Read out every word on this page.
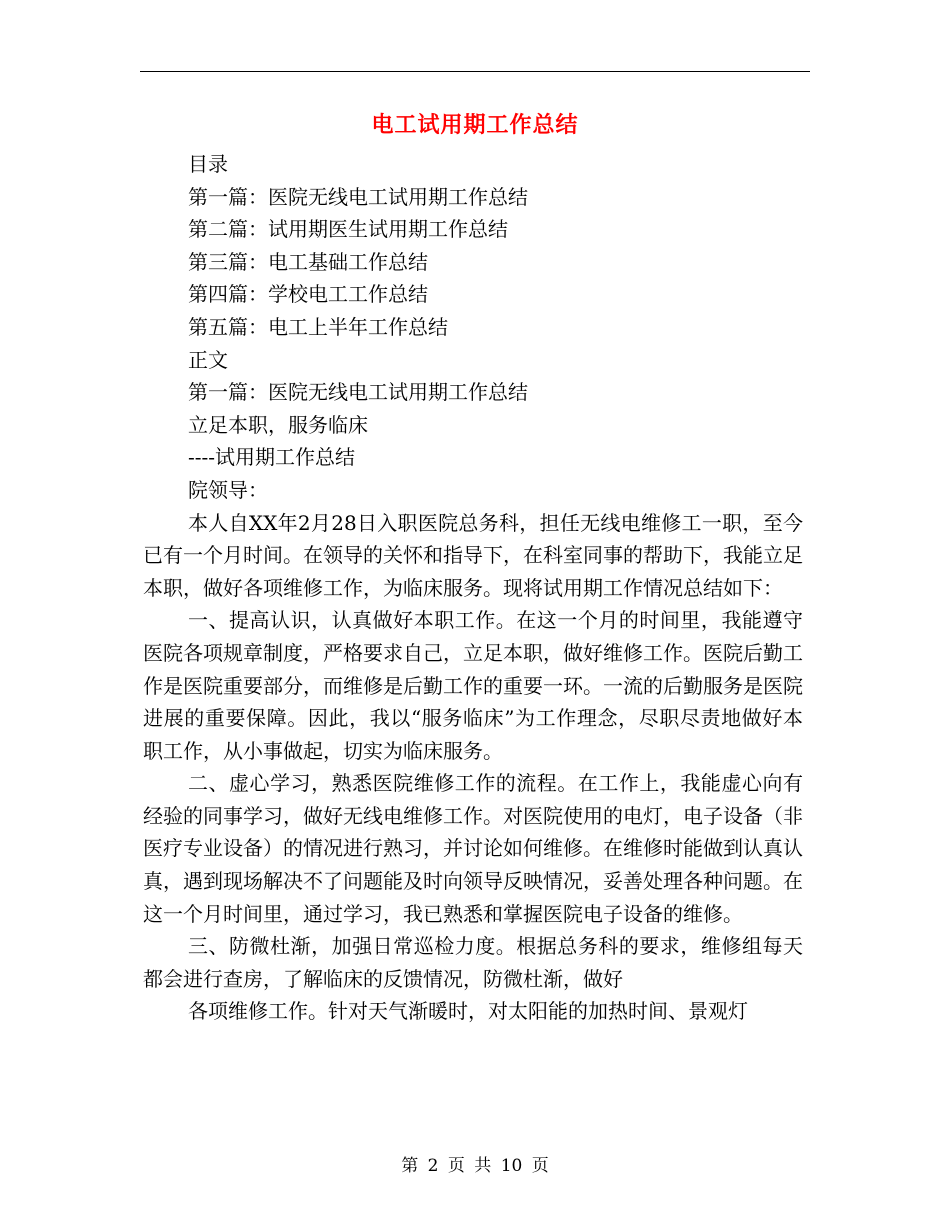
电工试用期工作总结

目录

第一篇：医院无线电工试用期工作总结

第二篇：试用期医生试用期工作总结

第三篇：电工基础工作总结

第四篇：学校电工工作总结

第五篇：电工上半年工作总结

正文

第一篇：医院无线电工试用期工作总结

立足本职，服务临床

----试用期工作总结

院领导：

本人自XX年2月28日入职医院总务科，担任无线电维修工一职，至今已有一个月时间。在领导的关怀和指导下，在科室同事的帮助下，我能立足本职，做好各项维修工作，为临床服务。现将试用期工作情况总结如下：

一、提高认识，认真做好本职工作。在这一个月的时间里，我能遵守医院各项规章制度，严格要求自己，立足本职，做好维修工作。医院后勤工作是医院重要部分，而维修是后勤工作的重要一环。一流的后勤服务是医院进展的重要保障。因此，我以“服务临床”为工作理念，尽职尽责地做好本职工作，从小事做起，切实为临床服务。

二、虚心学习，熟悉医院维修工作的流程。在工作上，我能虚心向有经验的同事学习，做好无线电维修工作。对医院使用的电灯，电子设备（非医疗专业设备）的情况进行熟习，并讨论如何维修。在维修时能做到认真认真，遇到现场解决不了问题能及时向领导反映情况，妥善处理各种问题。在这一个月时间里，通过学习，我已熟悉和掌握医院电子设备的维修。

三、防微杜渐，加强日常巡检力度。根据总务科的要求，维修组每天都会进行查房，了解临床的反馈情况，防微杜渐，做好

各项维修工作。针对天气渐暖时，对太阳能的加热时间、景观灯

第 2 页 共 10 页
